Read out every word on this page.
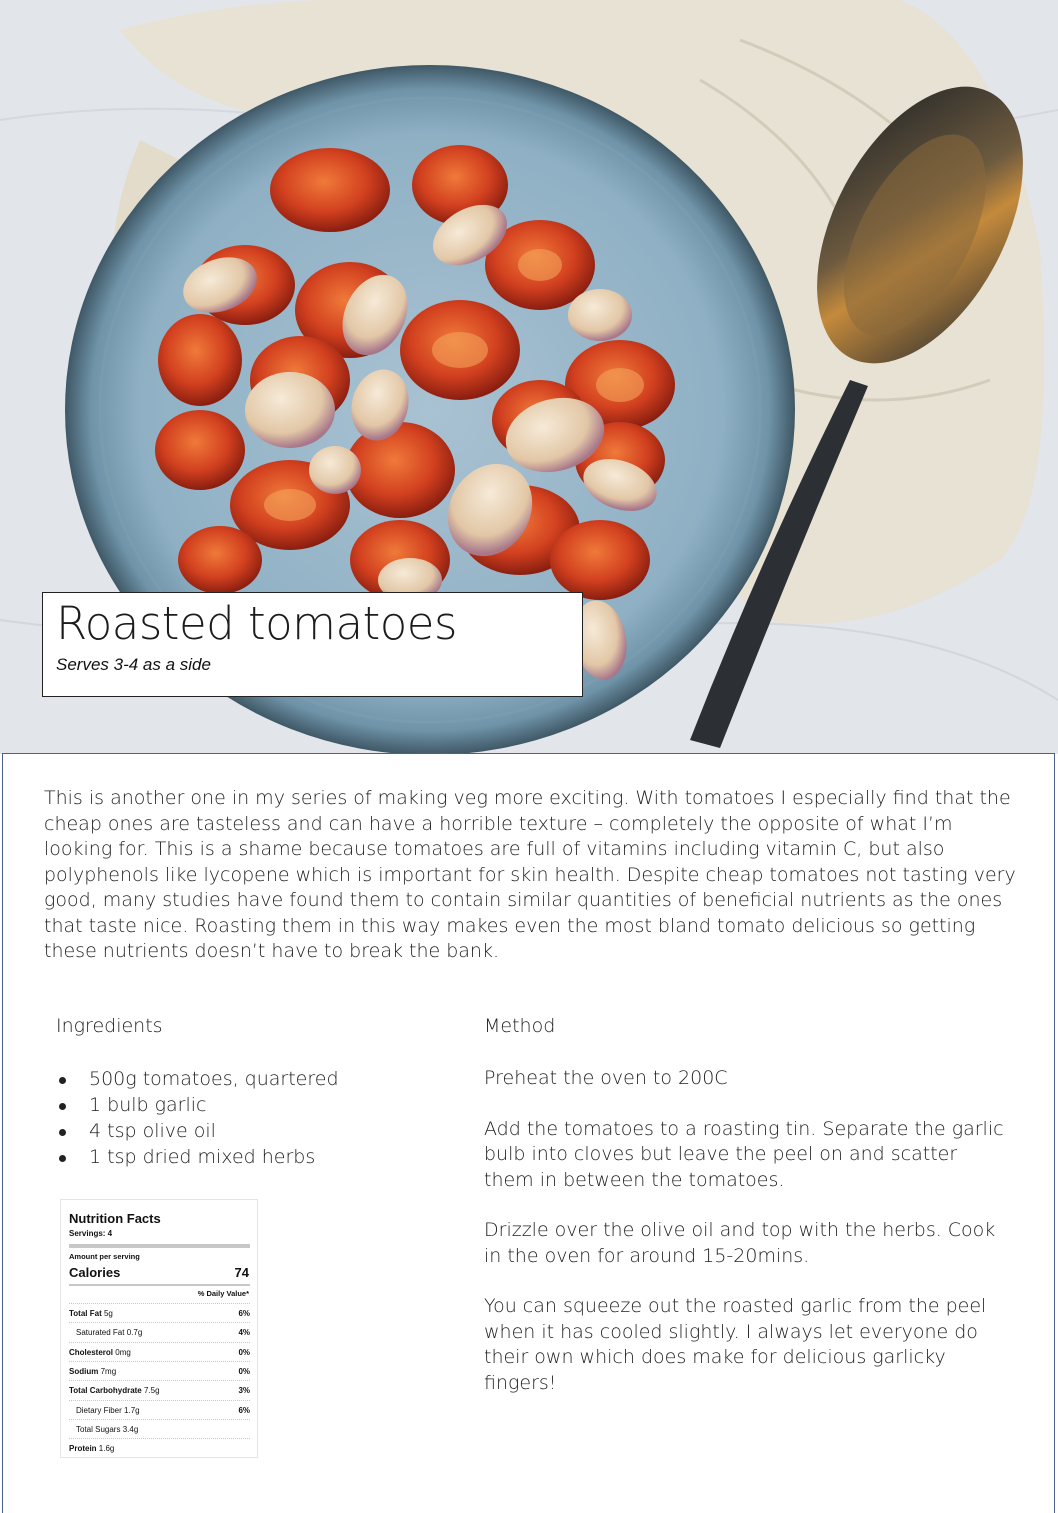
Roasted tomatoes
Serves 3-4 as a side

This is another one in my series of making veg more exciting. With tomatoes I especially find that the cheap ones are tasteless and can have a horrible texture – completely the opposite of what I’m looking for. This is a shame because tomatoes are full of vitamins including vitamin C, but also polyphenols like lycopene which is important for skin health. Despite cheap tomatoes not tasting very good, many studies have found them to contain similar quantities of beneficial nutrients as the ones that taste nice. Roasting them in this way makes even the most bland tomato delicious so getting these nutrients doesn’t have to break the bank.

Ingredients	Method
500g tomatoes, quartered
1 bulb garlic
4 tsp olive oil
1 tsp dried mixed herbs

Preheat the oven to 200C

Add the tomatoes to a roasting tin. Separate the garlic bulb into cloves but leave the peel on and scatter them in between the tomatoes.

Drizzle over the olive oil and top with the herbs. Cook in the oven for around 15-20mins.

You can squeeze out the roasted garlic from the peel when it has cooled slightly. I always let everyone do their own which does make for delicious garlicky fingers!

Nutrition Facts
Servings: 4
Amount per serving
Calories	74
% Daily Value*
Total Fat 5g	6%
Saturated Fat 0.7g	4%
Cholesterol 0mg	0%
Sodium 7mg	0%
Total Carbohydrate 7.5g	3%
Dietary Fiber 1.7g	6%
Total Sugars 3.4g
Protein 1.6g
